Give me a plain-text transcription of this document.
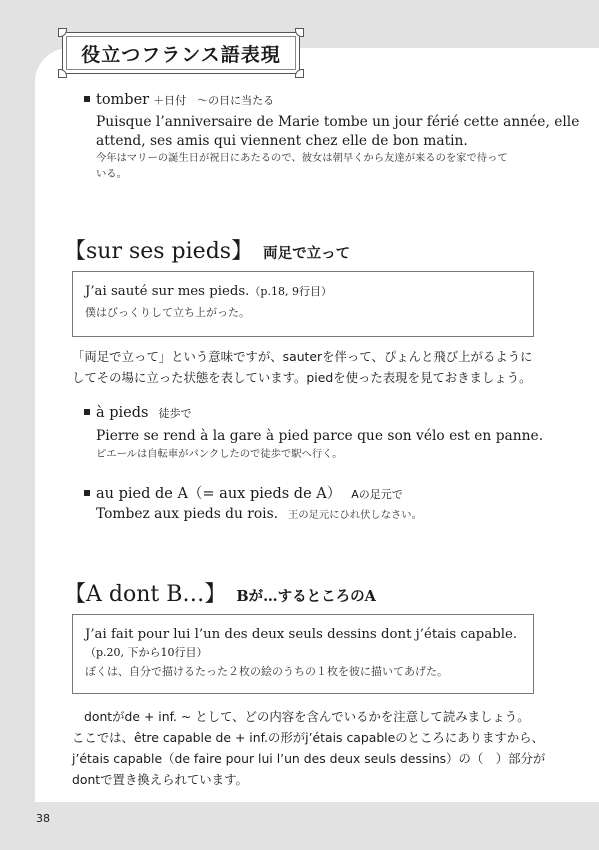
役立つフランス語表現
tomber ＋日付　～の日に当たる
Puisque l’anniversaire de Marie tombe un jour férié cette année, elle
attend, ses amis qui viennent chez elle de bon matin.
今年はマリーの誕生日が祝日にあたるので、彼女は朝早くから友達が来るのを家で待って
いる。
【sur ses pieds】 両足で立って
J’ai sauté sur mes pieds.（p.18, 9行目）
僕はびっくりして立ち上がった。
「両足で立って」という意味ですが、sauterを伴って、ぴょんと飛び上がるように
してその場に立った状態を表しています。piedを使った表現を見ておきましょう。
à pieds 徒歩で
Pierre se rend à la gare à pied parce que son vélo est en panne.
ピエールは自転車がパンクしたので徒歩で駅へ行く。
au pied de A（= aux pieds de A） Aの足元で
Tombez aux pieds du rois. 王の足元にひれ伏しなさい。
【A dont B…】 Bが…するところのA
J’ai fait pour lui l’un des deux seuls dessins dont j’étais capable.
（p.20, 下から10行目）
ぼくは、自分で描けるたった２枚の絵のうちの１枚を彼に描いてあげた。
dontがde + inf. ~ として、どの内容を含んでいるかを注意して読みましょう。
ここでは、être capable de + inf.の形がj’étais capableのところにありますから、
j’étais capable（de faire pour lui l’un des deux seuls dessins）の（　）部分が
dontで置き換えられています。
38
